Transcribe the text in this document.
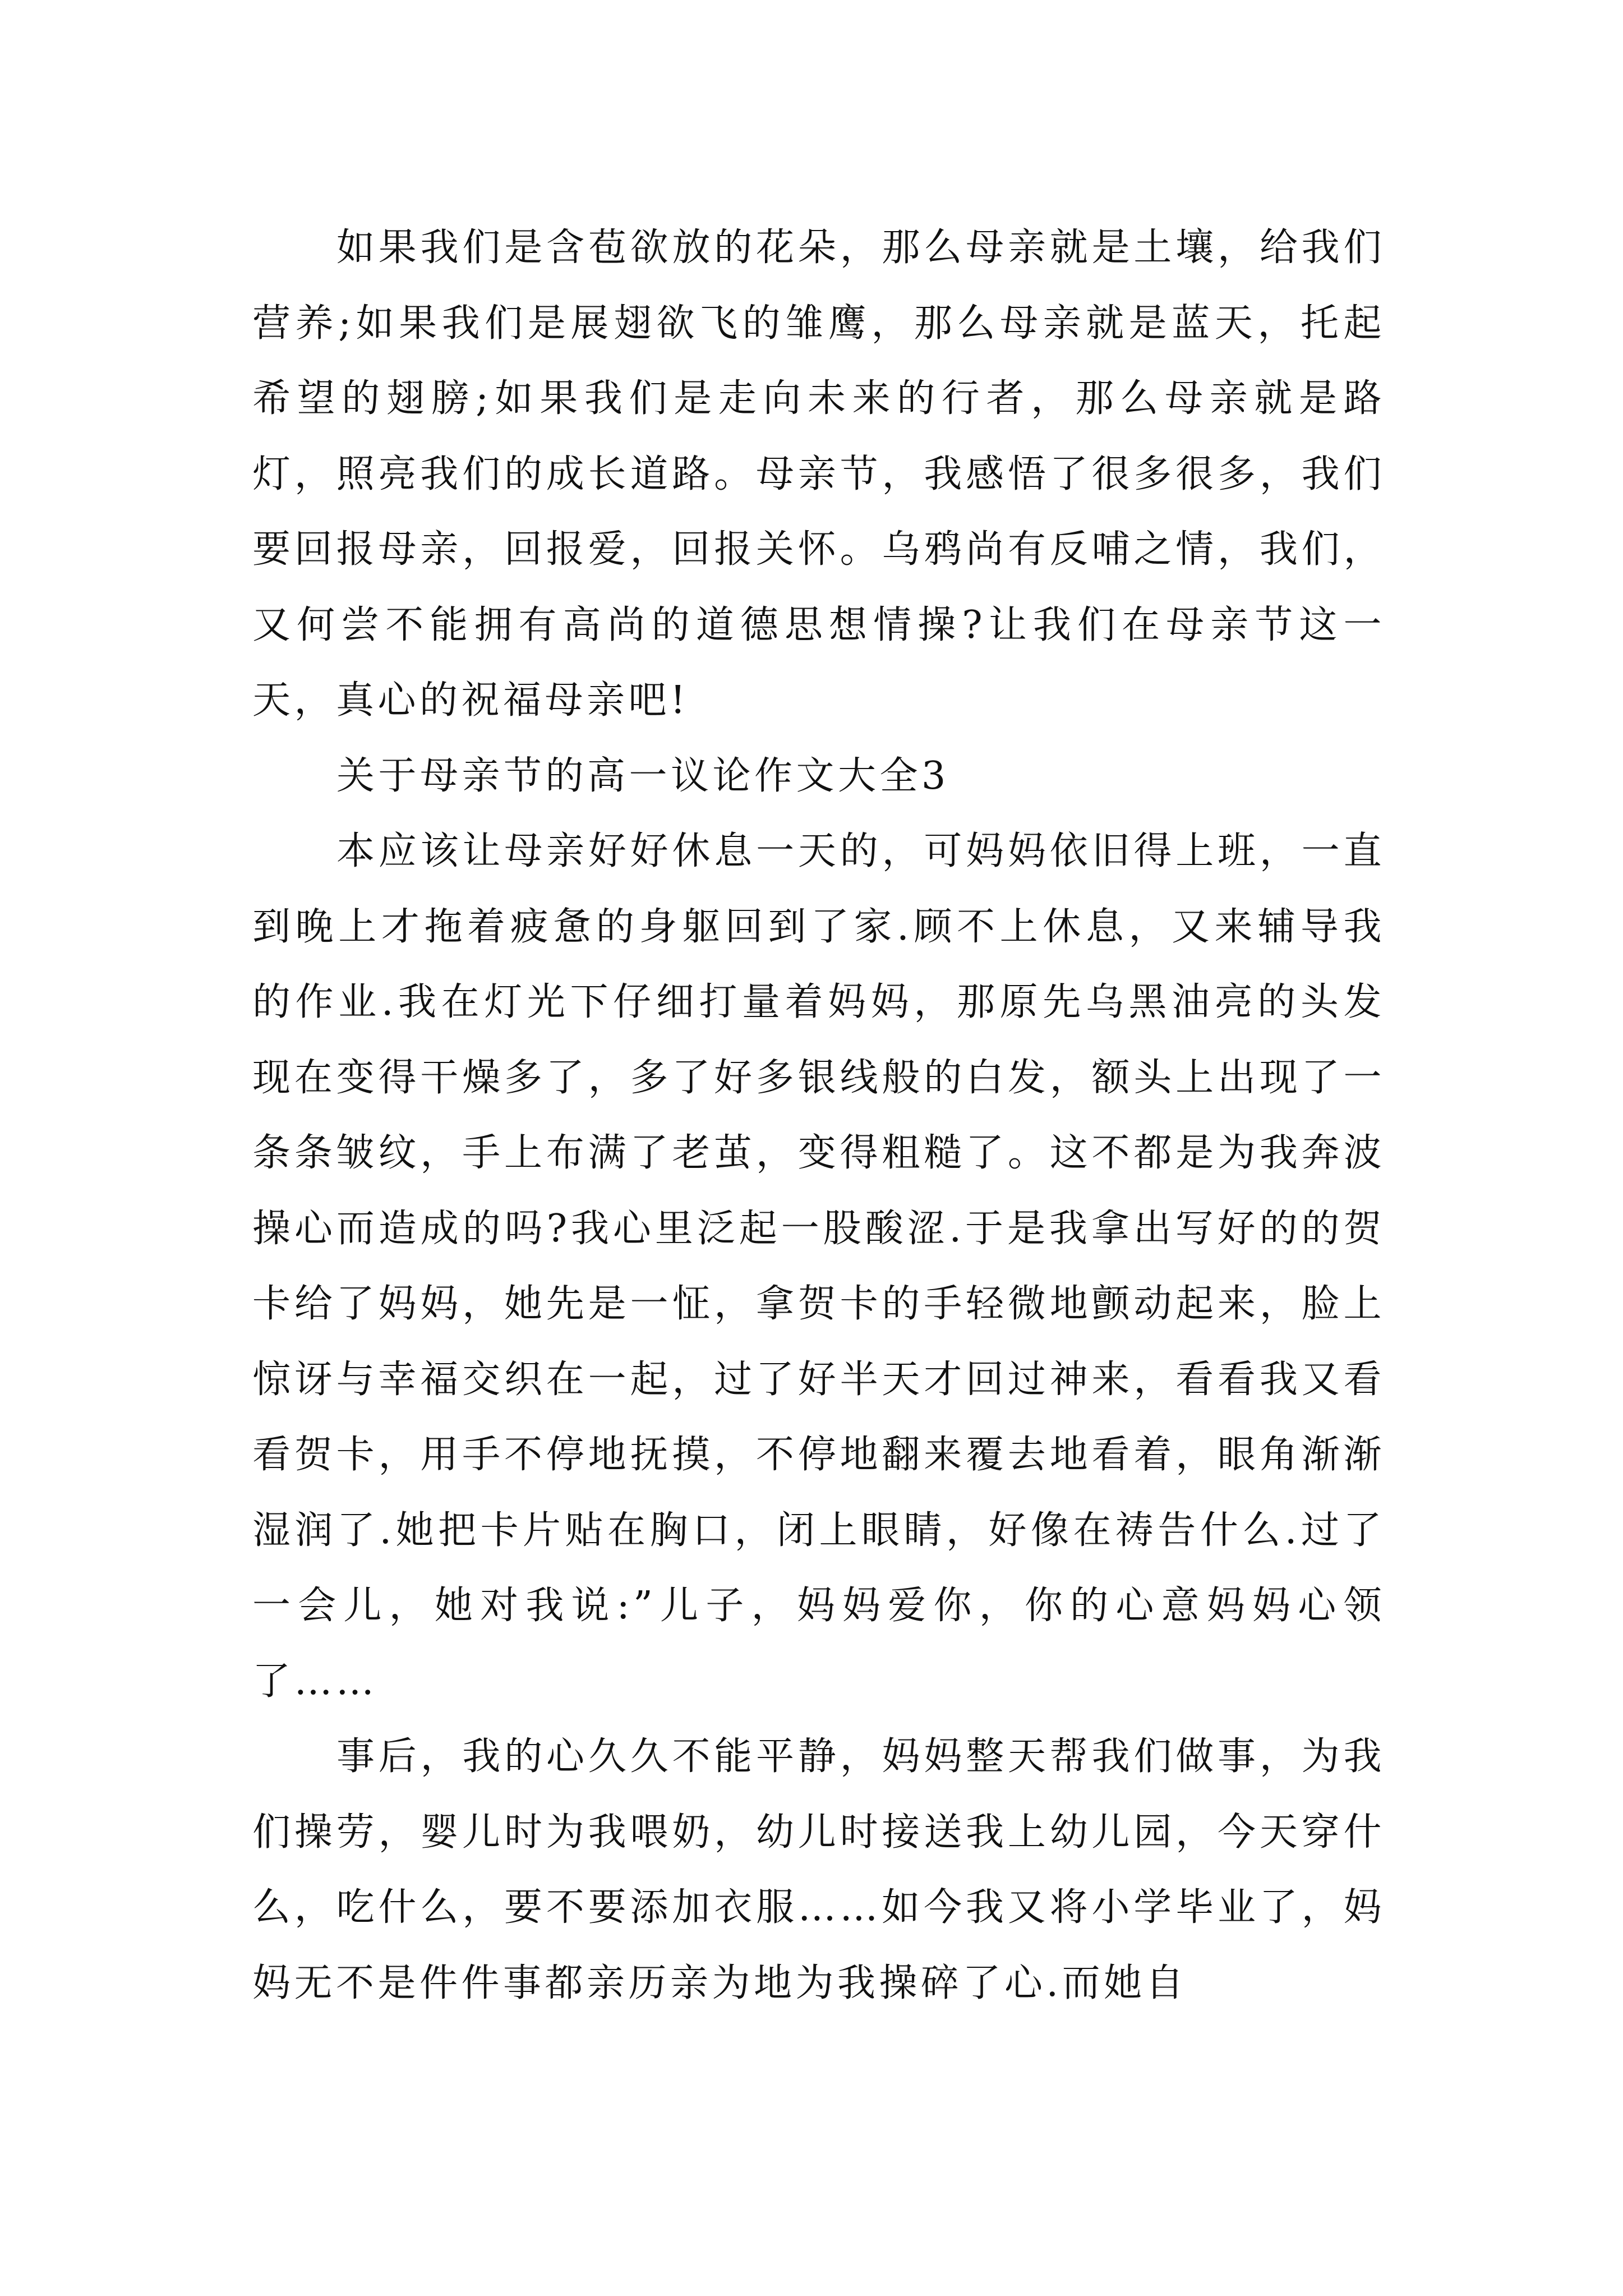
如果我们是含苞欲放的花朵，那么母亲就是土壤，给我们营养;如果我们是展翅欲飞的雏鹰，那么母亲就是蓝天，托起希望的翅膀;如果我们是走向未来的行者，那么母亲就是路灯，照亮我们的成长道路。母亲节，我感悟了很多很多，我们要回报母亲，回报爱，回报关怀。乌鸦尚有反哺之情，我们，又何尝不能拥有高尚的道德思想情操?让我们在母亲节这一天，真心的祝福母亲吧!

关于母亲节的高一议论作文大全3

本应该让母亲好好休息一天的，可妈妈依旧得上班，一直到晚上才拖着疲惫的身躯回到了家.顾不上休息，又来辅导我的作业.我在灯光下仔细打量着妈妈，那原先乌黑油亮的头发现在变得干燥多了，多了好多银线般的白发，额头上出现了一条条皱纹，手上布满了老茧，变得粗糙了。这不都是为我奔波操心而造成的吗?我心里泛起一股酸涩.于是我拿出写好的的贺卡给了妈妈，她先是一怔，拿贺卡的手轻微地颤动起来，脸上惊讶与幸福交织在一起，过了好半天才回过神来，看看我又看看贺卡，用手不停地抚摸，不停地翻来覆去地看着，眼角渐渐湿润了.她把卡片贴在胸口，闭上眼睛，好像在祷告什么.过了一会儿，她对我说:”儿子，妈妈爱你，你的心意妈妈心领了……

事后，我的心久久不能平静，妈妈整天帮我们做事，为我们操劳，婴儿时为我喂奶，幼儿时接送我上幼儿园，今天穿什么，吃什么，要不要添加衣服……如今我又将小学毕业了，妈妈无不是件件事都亲历亲为地为我操碎了心.而她自
